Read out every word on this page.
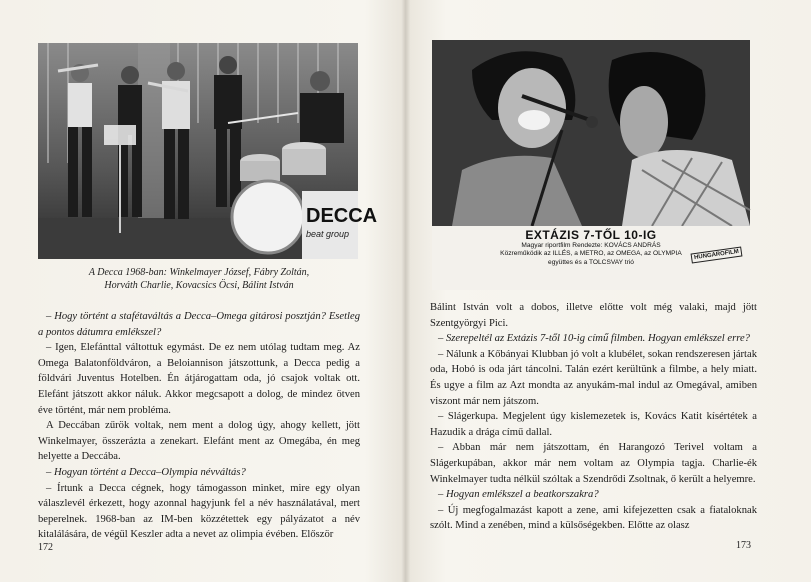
DECCA
beat group
A Decca 1968-ban: Winkelmayer József, Fábry Zoltán,
Horváth Charlie, Kovacsics Öcsi, Bálint István

– Hogy történt a stafétaváltás a Decca–Omega gitárosi posztján? Esetleg a pontos dátumra emlékszel?

– Igen, Elefánttal váltottuk egymást. De ez nem utólag tudtam meg. Az Omega Balatonföldváron, a Beloiannison játszottunk, a Decca pedig a földvári Juventus Hotelben. Én átjárogattam oda, jó csajok voltak ott. Elefánt játszott akkor náluk. Akkor megcsapott a dolog, de mindez ötven éve történt, már nem probléma.

A Deccában zűrök voltak, nem ment a dolog úgy, ahogy kellett, jött Winkelmayer, összerázta a zenekart. Elefánt ment az Omegába, én meg helyette a Deccába.

– Hogyan történt a Decca–Olympia névváltás?

– Írtunk a Decca cégnek, hogy támogasson minket, mire egy olyan válaszlevél érkezett, hogy azonnal hagyjunk fel a név használatával, mert beperelnek. 1968-ban az IM-ben közzétettek egy pályázatot a név kitalálására, de végül Keszler adta a nevet az olimpia évében. Először

172
EXTÁZIS 7-TŐL 10-IG
Magyar riportfilm Rendezte: KOVÁCS ANDRÁS
Közreműködik az ILLÉS, a METRO, az OMEGA, az OLYMPIA
együttes és a TOLCSVAY trió
HUNGAROFILM

Bálint István volt a dobos, illetve előtte volt még valaki, majd jött Szentgyörgyi Pici.

– Szerepeltél az Extázis 7-től 10-ig című filmben. Hogyan emlékszel erre?

– Nálunk a Kőbányai Klubban jó volt a klubélet, sokan rendszeresen jártak oda, Hobó is oda járt táncolni. Talán ezért kerültünk a filmbe, a hely miatt. És ugye a film az Azt mondta az anyukám-mal indul az Omegával, amiben viszont már nem játszom.

– Slágerkupa. Megjelent úgy kislemezetek is, Kovács Katit kísértétek a Hazudik a drága című dallal.

– Abban már nem játszottam, én Harangozó Terivel voltam a Slágerkupában, akkor már nem voltam az Olympia tagja. Charlie-ék Winkelmayer tudta nélkül szóltak a Szendrődi Zsoltnak, ő került a helyemre.

– Hogyan emlékszel a beatkorszakra?

– Új megfogalmazást kapott a zene, ami kifejezetten csak a fiataloknak szólt. Mind a zenében, mind a külsőségekben. Előtte az olasz

173
